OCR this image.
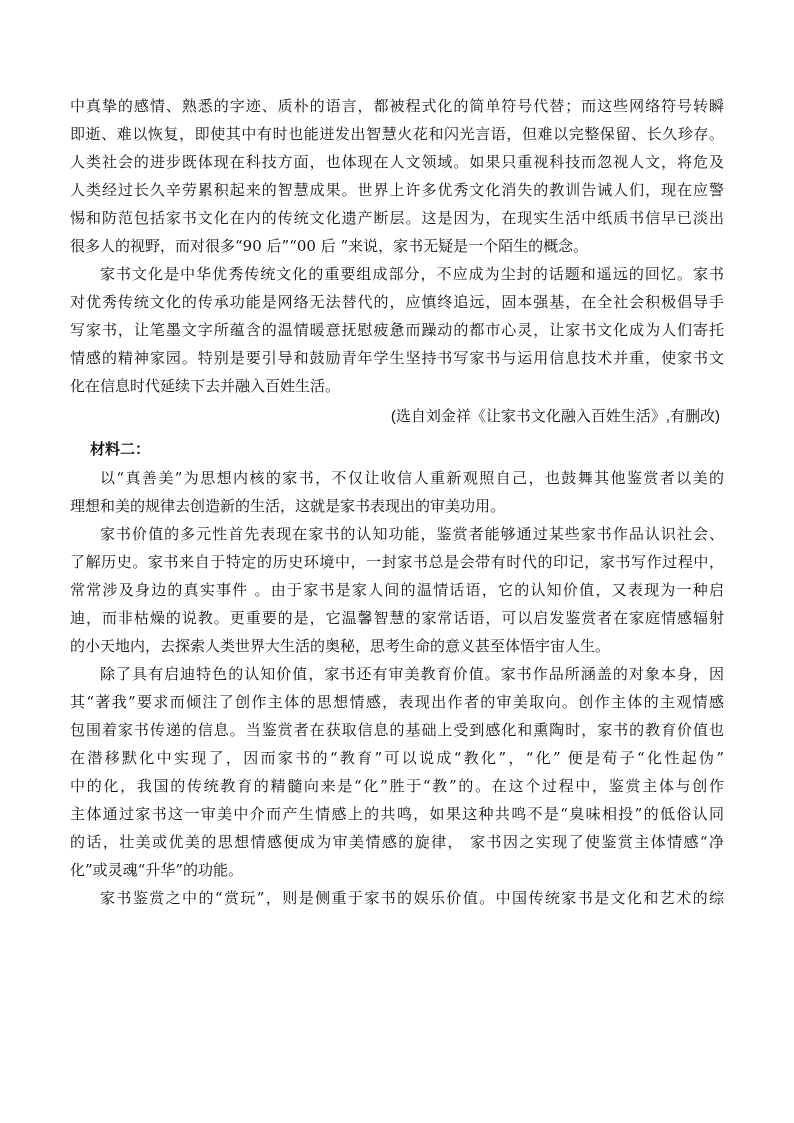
中真挚的感情、熟悉的字迹、质朴的语言，都被程式化的简单符号代替；而这些网络符号转瞬
即逝、难以恢复，即使其中有时也能迸发出智慧火花和闪光言语，但难以完整保留、长久珍存。
人类社会的进步既体现在科技方面，也体现在人文领域。如果只重视科技而忽视人文，将危及
人类经过长久辛劳累积起来的智慧成果。世界上许多优秀文化消失的教训告诫人们，现在应警
惕和防范包括家书文化在内的传统文化遗产断层。这是因为，在现实生活中纸质书信早已淡出
很多人的视野，而对很多“90 后”“00 后 ”来说，家书无疑是一个陌生的概念。
家书文化是中华优秀传统文化的重要组成部分，不应成为尘封的话题和遥远的回忆。家书
对优秀传统文化的传承功能是网络无法替代的，应慎终追远，固本强基，在全社会积极倡导手
写家书，让笔墨文字所蕴含的温情暖意抚慰疲惫而躁动的都市心灵，让家书文化成为人们寄托
情感的精神家园。特别是要引导和鼓励青年学生坚持书写家书与运用信息技术并重，使家书文
化在信息时代延续下去并融入百姓生活。
(选自刘金祥《让家书文化融入百姓生活》,有删改)
材料二：
以“真善美”为思想内核的家书，不仅让收信人重新观照自己，也鼓舞其他鉴赏者以美的
理想和美的规律去创造新的生活，这就是家书表现出的审美功用。
家书价值的多元性首先表现在家书的认知功能，鉴赏者能够通过某些家书作品认识社会、
了解历史。家书来自于特定的历史环境中，一封家书总是会带有时代的印记，家书写作过程中，
常常涉及身边的真实事件 。由于家书是家人间的温情话语，它的认知价值，又表现为一种启
迪，而非枯燥的说教。更重要的是，它温馨智慧的家常话语，可以启发鉴赏者在家庭情感辐射
的小天地内，去探索人类世界大生活的奥秘，思考生命的意义甚至体悟宇宙人生。
除了具有启迪特色的认知价值，家书还有审美教育价值。家书作品所涵盖的对象本身，因
其“著我”要求而倾注了创作主体的思想情感，表现出作者的审美取向。创作主体的主观情感
包围着家书传递的信息。当鉴赏者在获取信息的基础上受到感化和熏陶时，家书的教育价值也
在潜移默化中实现了，因而家书的“教育”可以说成“教化”，“化” 便是荀子“化性起伪”
中的化，我国的传统教育的精髓向来是“化”胜于“教”的。在这个过程中，鉴赏主体与创作
主体通过家书这一审美中介而产生情感上的共鸣，如果这种共鸣不是“臭味相投”的低俗认同
的话，壮美或优美的思想情感便成为审美情感的旋律， 家书因之实现了使鉴赏主体情感“净
化”或灵魂“升华”的功能。
家书鉴赏之中的“赏玩”，则是侧重于家书的娱乐价值。中国传统家书是文化和艺术的综
